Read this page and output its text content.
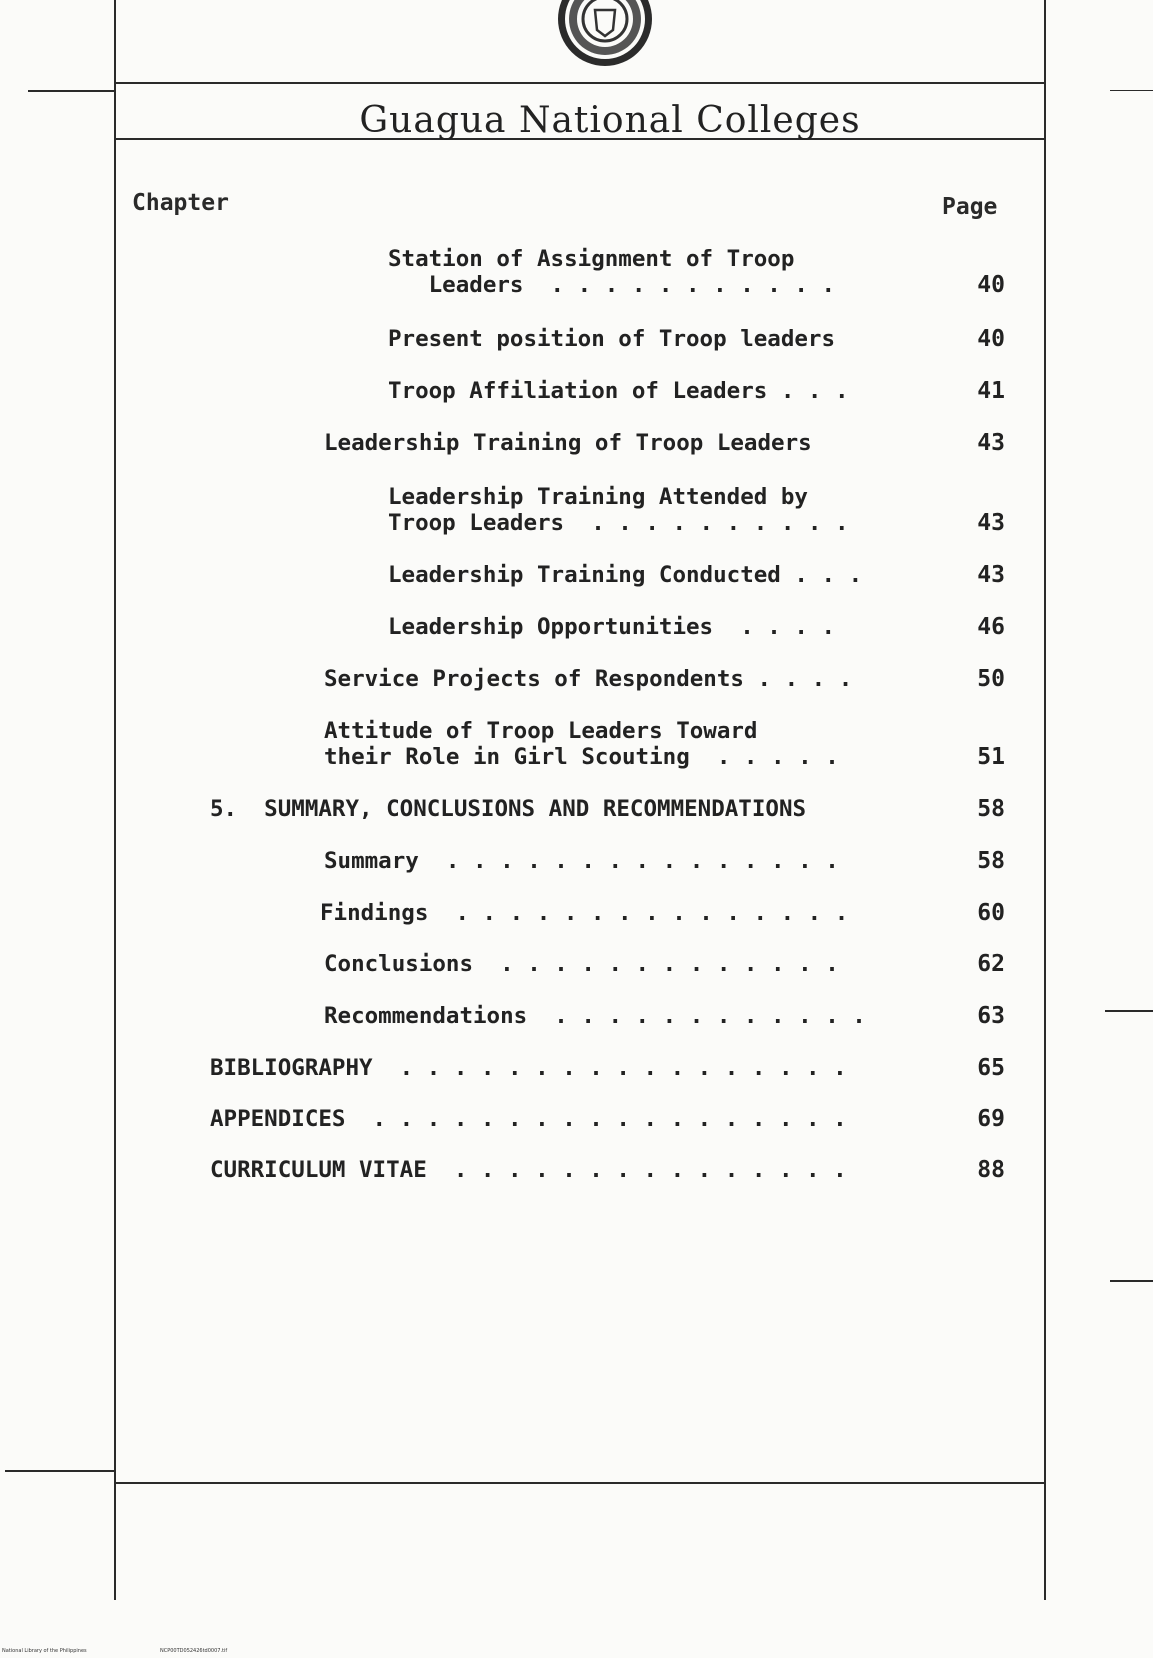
Guagua National Colleges
Chapter	Page
Station of Assignment of Troop
Leaders  . . . . . . . . . . .	40
Present position of Troop leaders	40
Troop Affiliation of Leaders . . .	41
Leadership Training of Troop Leaders	43
Leadership Training Attended by
Troop Leaders  . . . . . . . . . .	43
Leadership Training Conducted . . .	43
Leadership Opportunities  . . . .	46
Service Projects of Respondents . . . .	50
Attitude of Troop Leaders Toward
their Role in Girl Scouting  . . . . .	51
5.  SUMMARY, CONCLUSIONS AND RECOMMENDATIONS	58
Summary  . . . . . . . . . . . . . . .	58
Findings  . . . . . . . . . . . . . . .	60
Conclusions  . . . . . . . . . . . . .	62
Recommendations  . . . . . . . . . . . .	63
BIBLIOGRAPHY  . . . . . . . . . . . . . . . . .	65
APPENDICES  . . . . . . . . . . . . . . . . . .	69
CURRICULUM VITAE  . . . . . . . . . . . . . . .	88
National Library of the Philippines	NCP00TD052426td0007.tif
